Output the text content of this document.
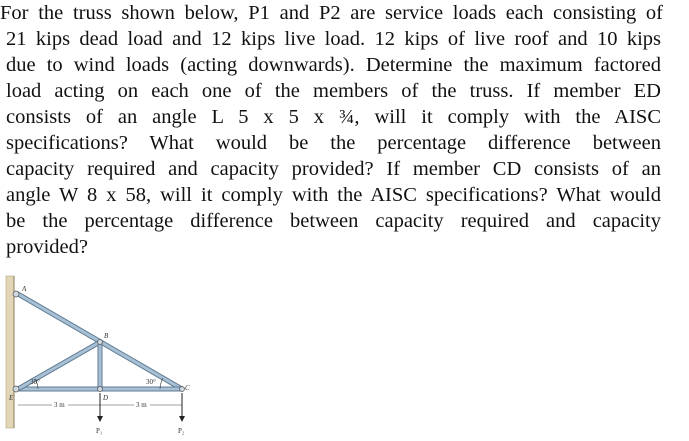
For the truss shown below, P1 and P2 are service loads each consisting of
21 kips dead load and 12 kips live load. 12 kips of live roof and 10 kips
due to wind loads (acting downwards). Determine the maximum factored
load acting on each one of the members of the truss. If member ED
consists of an angle L 5 x 5 x ¾, will it comply with the AISC
specifications? What would be the percentage difference between
capacity required and capacity provided? If member CD consists of an
angle W 8 x 58, will it comply with the AISC specifications? What would
be the percentage difference between capacity required and capacity
provided?
A
B
C
D
E
30°	30°
3 m	3 m
P₁	P₂
